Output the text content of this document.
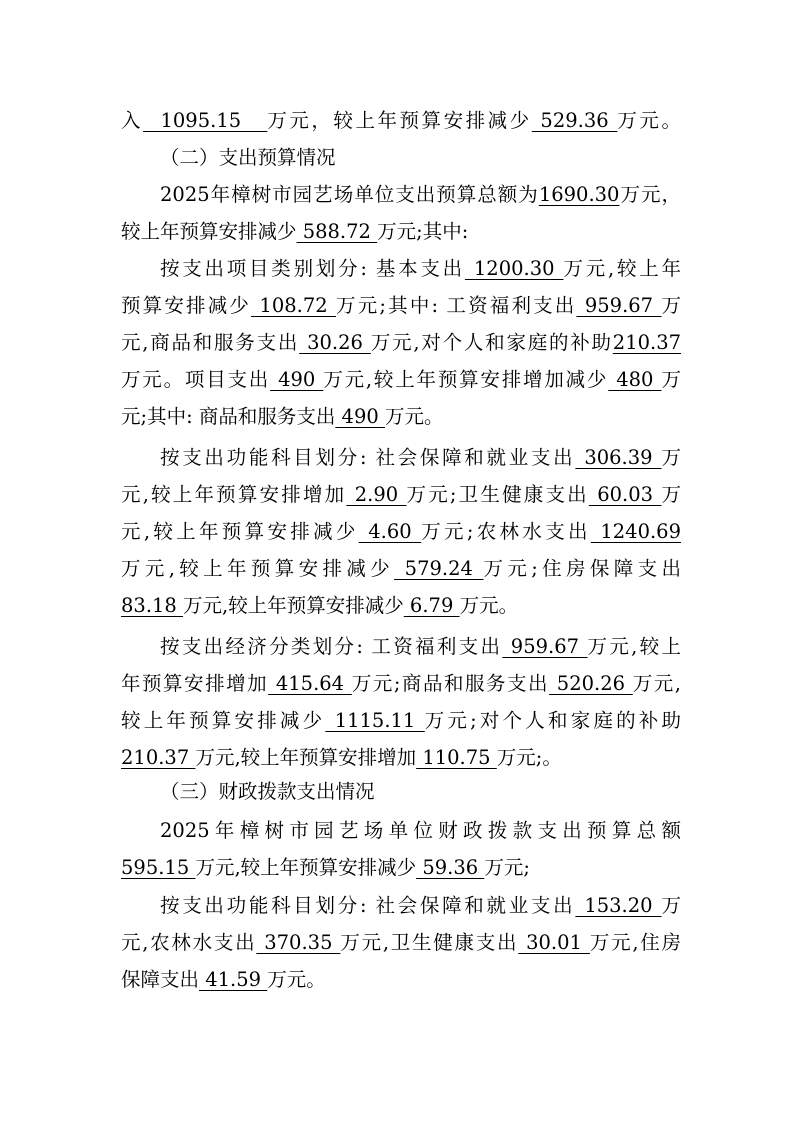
入  1095.15   万元，较上年预算安排减少 529.36 万元。
（二）支出预算情况
2025年樟树市园艺场单位支出预算总额为1690.30万元，
较上年预算安排减少 588.72 万元;其中:
按支出项目类别划分: 基本支出 1200.30 万元,较上年
预算安排减少 108.72 万元;其中: 工资福利支出 959.67 万
元,商品和服务支出 30.26 万元,对个人和家庭的补助210.37
万元。项目支出 490 万元,较上年预算安排增加减少 480 万
元;其中: 商品和服务支出 490 万元。
按支出功能科目划分: 社会保障和就业支出 306.39 万
元,较上年预算安排增加 2.90 万元;卫生健康支出 60.03 万
元,较上年预算安排减少 4.60 万元;农林水支出 1240.69
万元,较上年预算安排减少 579.24 万元;住房保障支出
83.18 万元,较上年预算安排减少 6.79 万元。
按支出经济分类划分: 工资福利支出 959.67 万元,较上
年预算安排增加 415.64 万元;商品和服务支出 520.26 万元,
较上年预算安排减少 1115.11 万元;对个人和家庭的补助
210.37 万元,较上年预算安排增加 110.75 万元;。
（三）财政拨款支出情况
2025年樟树市园艺场单位财政拨款支出预算总额
595.15 万元,较上年预算安排减少 59.36 万元;
按支出功能科目划分: 社会保障和就业支出 153.20 万
元,农林水支出 370.35 万元,卫生健康支出 30.01 万元,住房
保障支出 41.59 万元。
